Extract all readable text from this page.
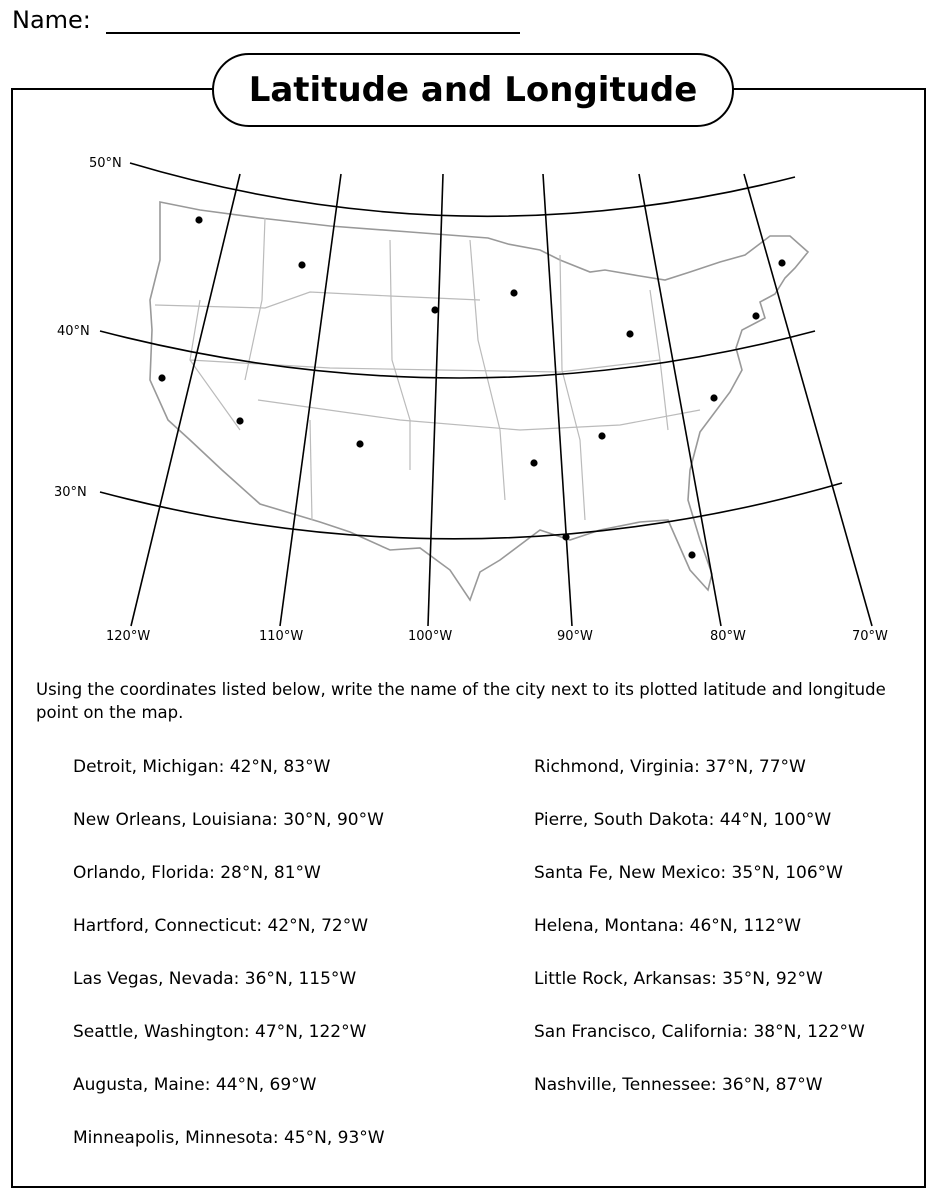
Name:
Latitude and Longitude
50°N
40°N
30°N
120°W	110°W	100°W	90°W	80°W	70°W
Using the coordinates listed below, write the name of the city next to its plotted latitude and longitude point on the map.
Detroit, Michigan: 42°N, 83°W
New Orleans, Louisiana: 30°N, 90°W
Orlando, Florida: 28°N, 81°W
Hartford, Connecticut: 42°N, 72°W
Las Vegas, Nevada: 36°N, 115°W
Seattle, Washington: 47°N, 122°W
Augusta, Maine: 44°N, 69°W
Minneapolis, Minnesota: 45°N, 93°W
Richmond, Virginia: 37°N, 77°W
Pierre, South Dakota: 44°N, 100°W
Santa Fe, New Mexico: 35°N, 106°W
Helena, Montana: 46°N, 112°W
Little Rock, Arkansas: 35°N, 92°W
San Francisco, California: 38°N, 122°W
Nashville, Tennessee: 36°N, 87°W
